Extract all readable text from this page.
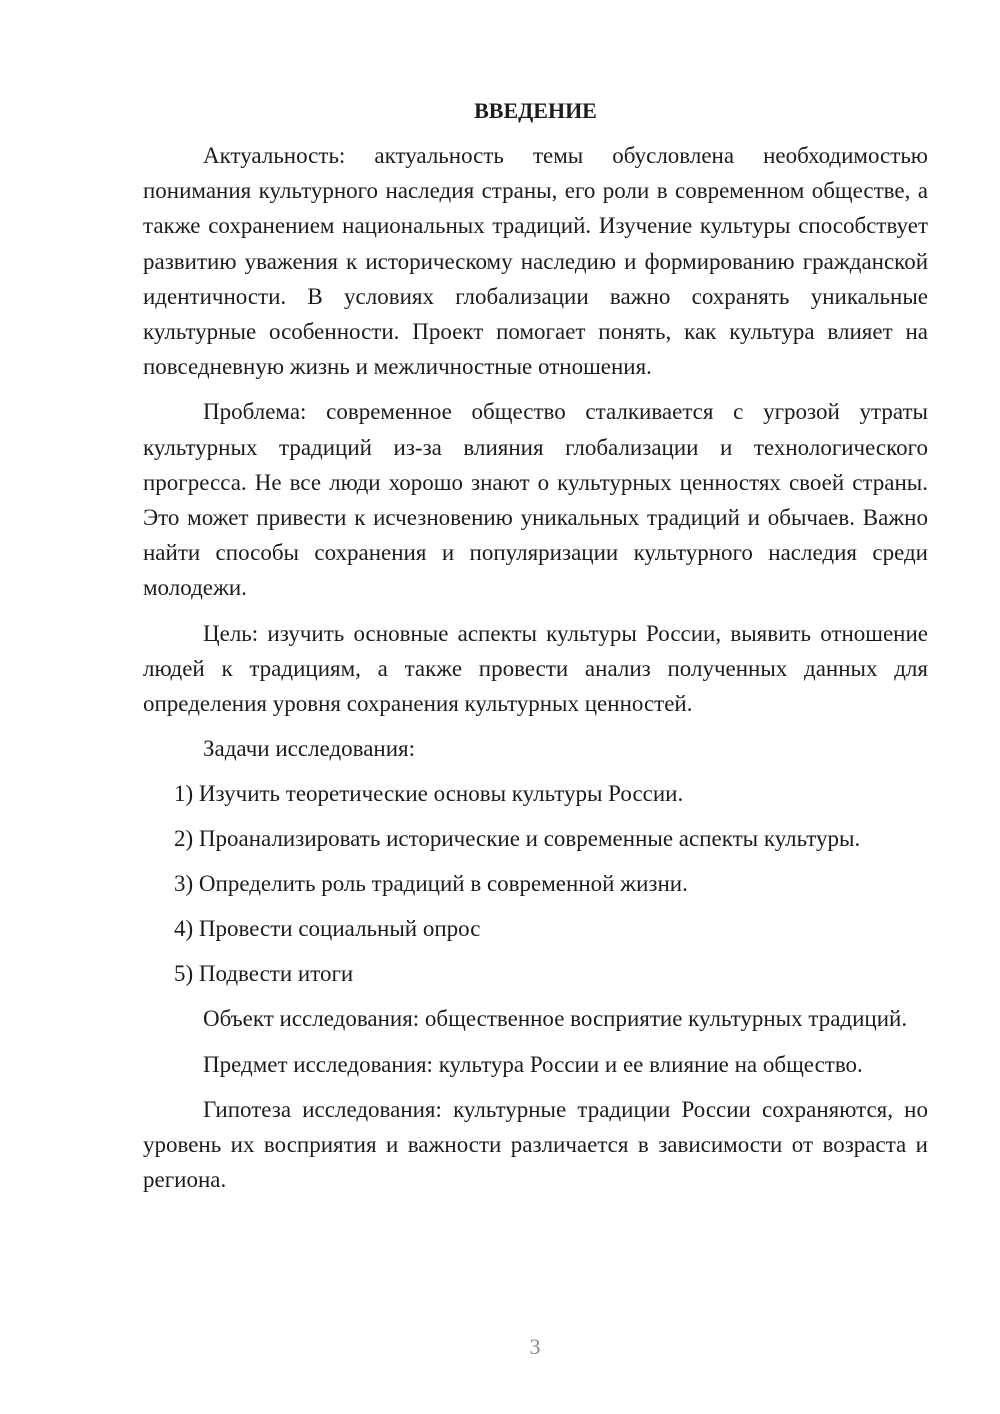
ВВЕДЕНИЕ

Актуальность: актуальность темы обусловлена необходимостью понимания культурного наследия страны, его роли в современном обществе, а также сохранением национальных традиций. Изучение культуры способствует развитию уважения к историческому наследию и формированию гражданской идентичности. В условиях глобализации важно сохранять уникальные культурные особенности. Проект помогает понять, как культура влияет на повседневную жизнь и межличностные отношения.

Проблема: современное общество сталкивается с угрозой утраты культурных традиций из-за влияния глобализации и технологического прогресса. Не все люди хорошо знают о культурных ценностях своей страны. Это может привести к исчезновению уникальных традиций и обычаев. Важно найти способы сохранения и популяризации культурного наследия среди молодежи.

Цель: изучить основные аспекты культуры России, выявить отношение людей к традициям, а также провести анализ полученных данных для определения уровня сохранения культурных ценностей.

Задачи исследования:

1) Изучить теоретические основы культуры России.

2) Проанализировать исторические и современные аспекты культуры.

3) Определить роль традиций в современной жизни.

4) Провести социальный опрос

5) Подвести итоги

Объект исследования: общественное восприятие культурных традиций.

Предмет исследования: культура России и ее влияние на общество.

Гипотеза исследования: культурные традиции России сохраняются, но уровень их восприятия и важности различается в зависимости от возраста и региона.

3
